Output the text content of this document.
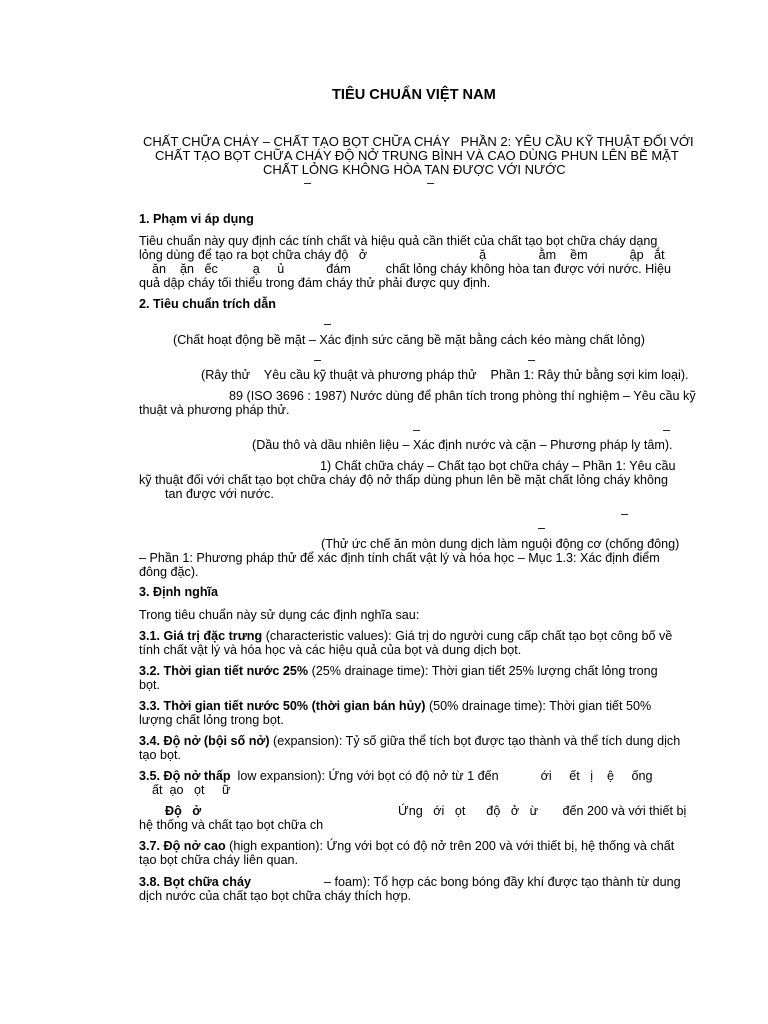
TIÊU CHUẨN VIỆT NAM
CHẤT CHỮA CHÁY – CHẤT TẠO BỌT CHỮA CHÁY   PHẦN 2: YÊU CẦU KỸ THUẬT ĐỐI VỚI
CHẤT TẠO BỌT CHỮA CHÁY ĐỘ NỞ TRUNG BÌNH VÀ CAO DÙNG PHUN LÊN BỀ MẶT
CHẤT LỎNG KHÔNG HÒA TAN ĐƯỢC VỚI NƯỚC
–	–
1. Phạm vi áp dụng
Tiêu chuẩn này quy định các tính chất và hiệu quả cần thiết của chất tạo bọt chữa cháy dạng
lỏng dùng để tạo ra bọt chữa cháy độ   ở                                ặ               ằm    ềm            ập   ắt
ăn    ặn   ếc          ạ     ủ            đám          chất lỏng cháy không hòa tan được với nước. Hiệu
quả dập cháy tối thiểu trong đám cháy thử phải được quy định.
2. Tiêu chuẩn trích dẫn
–
(Chất hoạt động bề mặt – Xác định sức căng bề mặt bằng cách kéo màng chất lỏng)
–	–
(Rây thử    Yêu cầu kỹ thuật và phương pháp thử    Phần 1: Rây thử bằng sợi kim loại).
89 (ISO 3696 : 1987) Nước dùng để phân tích trong phòng thí nghiệm – Yêu cầu kỹ
thuật và phương pháp thử.
–	–
(Dầu thô và dầu nhiên liệu – Xác định nước và cặn – Phương pháp ly tâm).
1) Chất chữa cháy – Chất tạo bọt chữa cháy – Phần 1: Yêu cầu
kỹ thuật đối với chất tạo bọt chữa cháy độ nở thấp dùng phun lên bề mặt chất lỏng cháy không
tan được với nước.
–
–
(Thử ức chế ăn mòn dung dịch làm nguội động cơ (chống đông)
– Phần 1: Phương pháp thử để xác định tính chất vật lý và hóa học – Mục 1.3: Xác định điểm
đông đặc).
3. Định nghĩa
Trong tiêu chuẩn này sử dụng các định nghĩa sau:
3.1. Giá trị đặc trưng (characteristic values): Giá trị do người cung cấp chất tạo bọt công bố về
tính chất vật lý và hóa học và các hiệu quả của bọt và dung dịch bọt.
3.2. Thời gian tiết nước 25% (25% drainage time): Thời gian tiết 25% lượng chất lỏng trong
bọt.
3.3. Thời gian tiết nước 50% (thời gian bán hủy) (50% drainage time): Thời gian tiết 50%
lượng chất lỏng trong bọt.
3.4. Độ nở (bội số nở) (expansion): Tỷ số giữa thể tích bọt được tạo thành và thể tích dung dịch
tạo bọt.
3.5. Độ nở thấp  low expansion): Ứng với bọt có độ nở từ 1 đến            ới     ết   ị    ệ     ống
ất  ạo   ọt     ữ
Độ   ở	Ứng   ới   ọt      độ   ở   ừ       đến 200 và với thiết bị
hệ thống và chất tạo bọt chữa ch
3.7. Độ nở cao (high expantion): Ứng với bọt có độ nở trên 200 và với thiết bị, hệ thống và chất
tạo bọt chữa cháy liên quan.
3.8. Bọt chữa cháy	– foam): Tổ hợp các bong bóng đầy khí được tạo thành từ dung
dịch nước của chất tạo bọt chữa cháy thích hợp.
